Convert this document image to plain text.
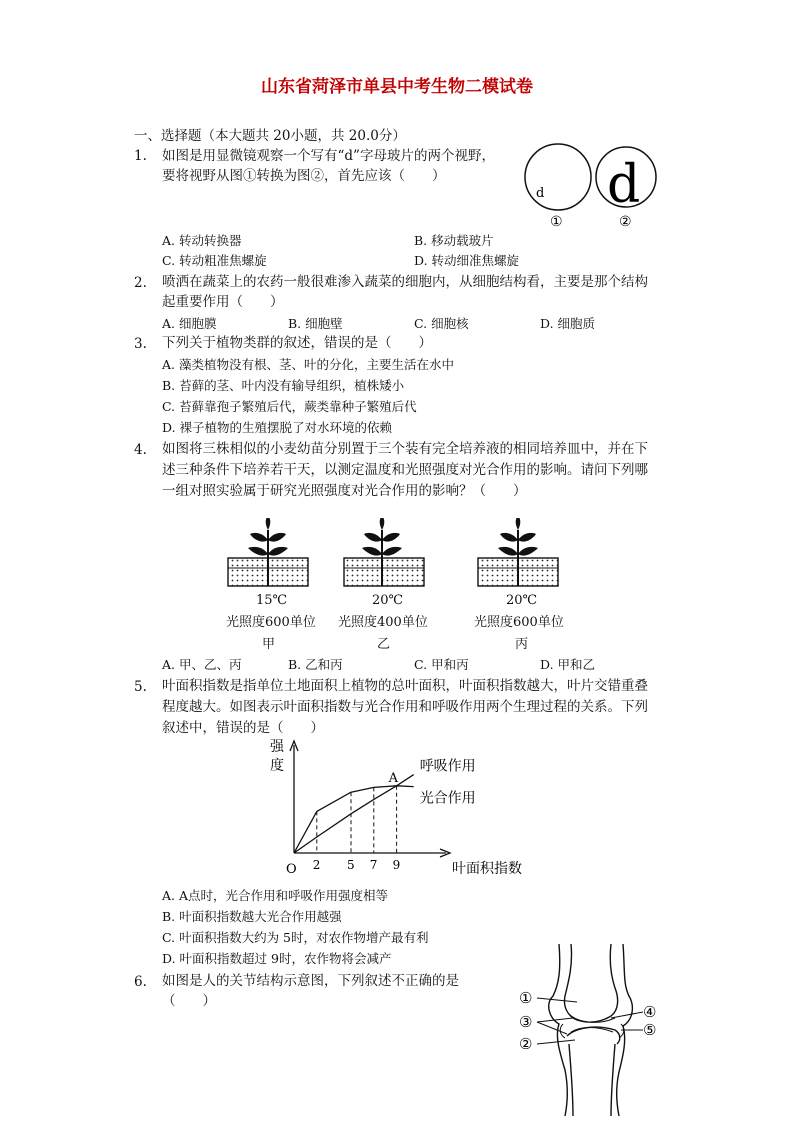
山东省菏泽市单县中考生物二模试卷
一、选择题（本大题共 20小题，共 20.0分）
1. 如图是用显微镜观察一个写有“d”字母玻片的两个视野，
要将视野从图①转换为图②，首先应该（　　）
d d
①	②
A. 转动转换器	B. 移动载玻片
C. 转动粗准焦螺旋	D. 转动细准焦螺旋
2. 喷洒在蔬菜上的农药一般很难渗入蔬菜的细胞内，从细胞结构看，主要是那个结构
起重要作用（　　）
A. 细胞膜	B. 细胞壁	C. 细胞核	D. 细胞质
3. 下列关于植物类群的叙述，错误的是（　　）
A. 藻类植物没有根、茎、叶的分化，主要生活在水中
B. 苔藓的茎、叶内没有输导组织，植株矮小
C. 苔藓靠孢子繁殖后代，蕨类靠种子繁殖后代
D. 裸子植物的生殖摆脱了对水环境的依赖
4. 如图将三株相似的小麦幼苗分别置于三个装有完全培养液的相同培养皿中，并在下
述三种条件下培养若干天，以测定温度和光照强度对光合作用的影响。请问下列哪
一组对照实验属于研究光照强度对光合作用的影响？（　　）
15℃
光照度600单位
甲
20℃
光照度400单位
乙
20℃
光照度600单位
丙
A. 甲、乙、丙	B. 乙和丙	C. 甲和丙	D. 甲和乙
5. 叶面积指数是指单位土地面积上植物的总叶面积，叶面积指数越大，叶片交错重叠
程度越大。如图表示叶面积指数与光合作用和呼吸作用两个生理过程的关系。下列
叙述中，错误的是（　　）
强
度
叶面积指数
O 2 5 7 9
A
呼吸作用
光合作用
A. A点时，光合作用和呼吸作用强度相等
B. 叶面积指数越大光合作用越强
C. 叶面积指数大约为 5时，对农作物增产最有利
D. 叶面积指数超过 9时，农作物将会减产
6. 如图是人的关节结构示意图，下列叙述不正确的是
（　　）	①
③
②
④
⑤
